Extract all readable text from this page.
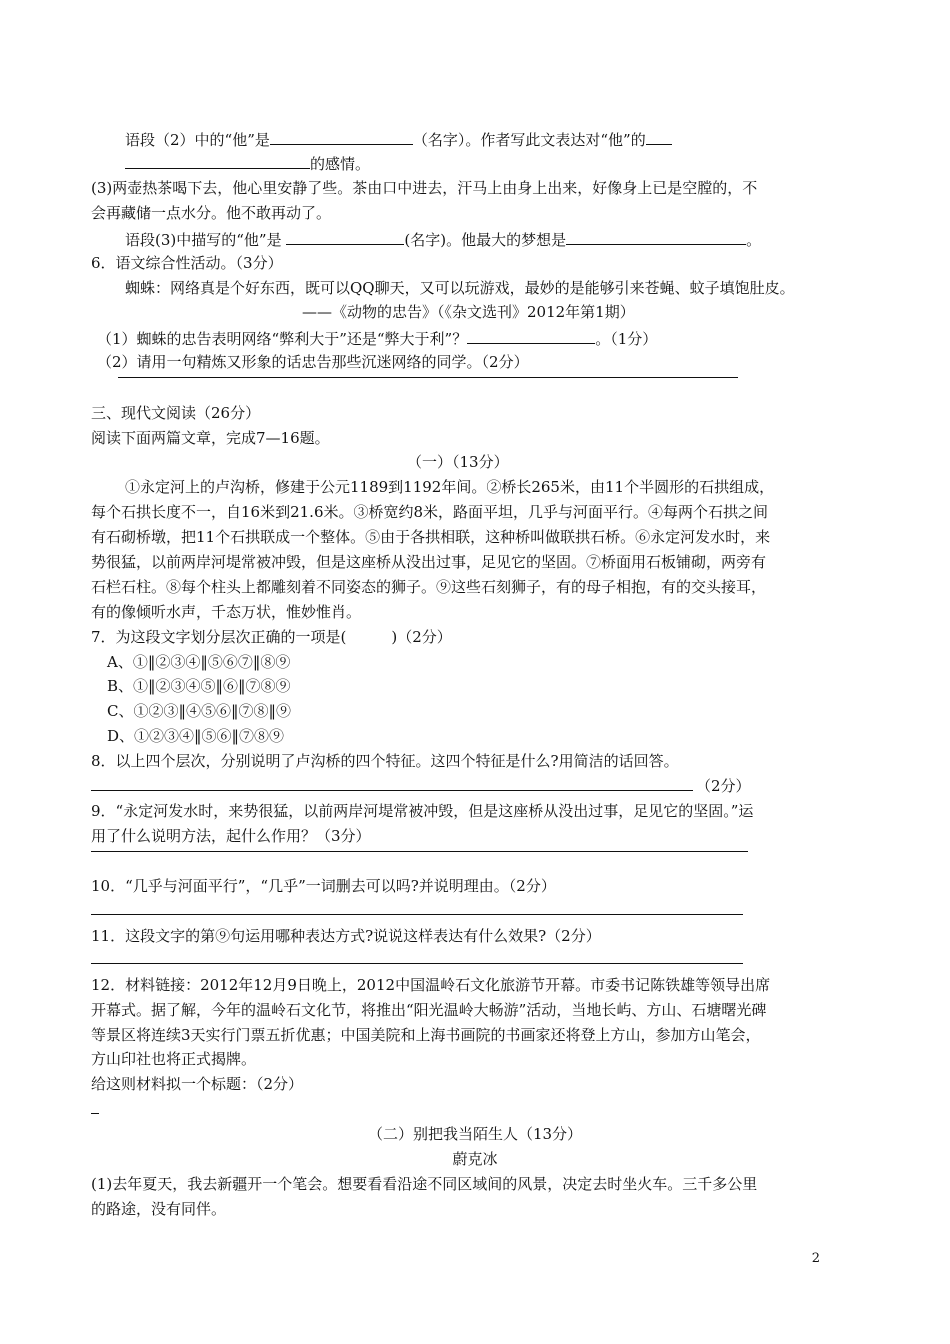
语段（2）中的“他”是	（名字）。作者写此文表达对“他”的
的感情。
(3)两壶热茶喝下去，他心里安静了些。茶由口中进去，汗马上由身上出来，好像身上已是空膛的，不
会再藏储一点水分。他不敢再动了。
语段(3)中描写的“他”是	(名字)。他最大的梦想是	。
6．语文综合性活动。（3分）
蜘蛛：网络真是个好东西，既可以QQ聊天，又可以玩游戏，最妙的是能够引来苍蝇、蚊子填饱肚皮。
——《动物的忠告》（《杂文选刊》2012年第1期）
（1）蜘蛛的忠告表明网络“弊利大于”还是“弊大于利”？	。（1分）
（2）请用一句精炼又形象的话忠告那些沉迷网络的同学。（2分）
三、现代文阅读（26分）
阅读下面两篇文章，完成7—16题。
（一）（13分）
①永定河上的卢沟桥，修建于公元1189到1192年间。②桥长265米，由11个半圆形的石拱组成，
每个石拱长度不一，自16米到21.6米。③桥宽约8米，路面平坦，几乎与河面平行。④每两个石拱之间
有石砌桥墩，把11个石拱联成一个整体。⑤由于各拱相联，这种桥叫做联拱石桥。⑥永定河发水时，来
势很猛，以前两岸河堤常被冲毁，但是这座桥从没出过事，足见它的坚固。⑦桥面用石板铺砌，两旁有
石栏石柱。⑧每个柱头上都雕刻着不同姿态的狮子。⑨这些石刻狮子，有的母子相抱，有的交头接耳，
有的像倾听水声，千态万状，惟妙惟肖。
7．为这段文字划分层次正确的一项是(　　　)（2分）
A、①‖②③④‖⑤⑥⑦‖⑧⑨
B、①‖②③④⑤‖⑥‖⑦⑧⑨
C、①②③‖④⑤⑥‖⑦⑧‖⑨
D、①②③④‖⑤⑥‖⑦⑧⑨
8．以上四个层次，分别说明了卢沟桥的四个特征。这四个特征是什么?用简洁的话回答。
（2分）
9．“永定河发水时，来势很猛，以前两岸河堤常被冲毁，但是这座桥从没出过事，足见它的坚固。”运
用了什么说明方法，起什么作用？（3分）
10．“几乎与河面平行”，“几乎”一词删去可以吗?并说明理由。（2分）
11．这段文字的第⑨句运用哪种表达方式?说说这样表达有什么效果?（2分）
12．材料链接：2012年12月9日晚上，2012中国温岭石文化旅游节开幕。市委书记陈铁雄等领导出席
开幕式。据了解，今年的温岭石文化节，将推出“阳光温岭大畅游”活动，当地长屿、方山、石塘曙光碑
等景区将连续3天实行门票五折优惠；中国美院和上海书画院的书画家还将登上方山，参加方山笔会，
方山印社也将正式揭牌。
给这则材料拟一个标题：（2分）
（二）别把我当陌生人（13分）
蔚克冰
(1)去年夏天，我去新疆开一个笔会。想要看看沿途不同区域间的风景，决定去时坐火车。三千多公里
的路途，没有同伴。
2
